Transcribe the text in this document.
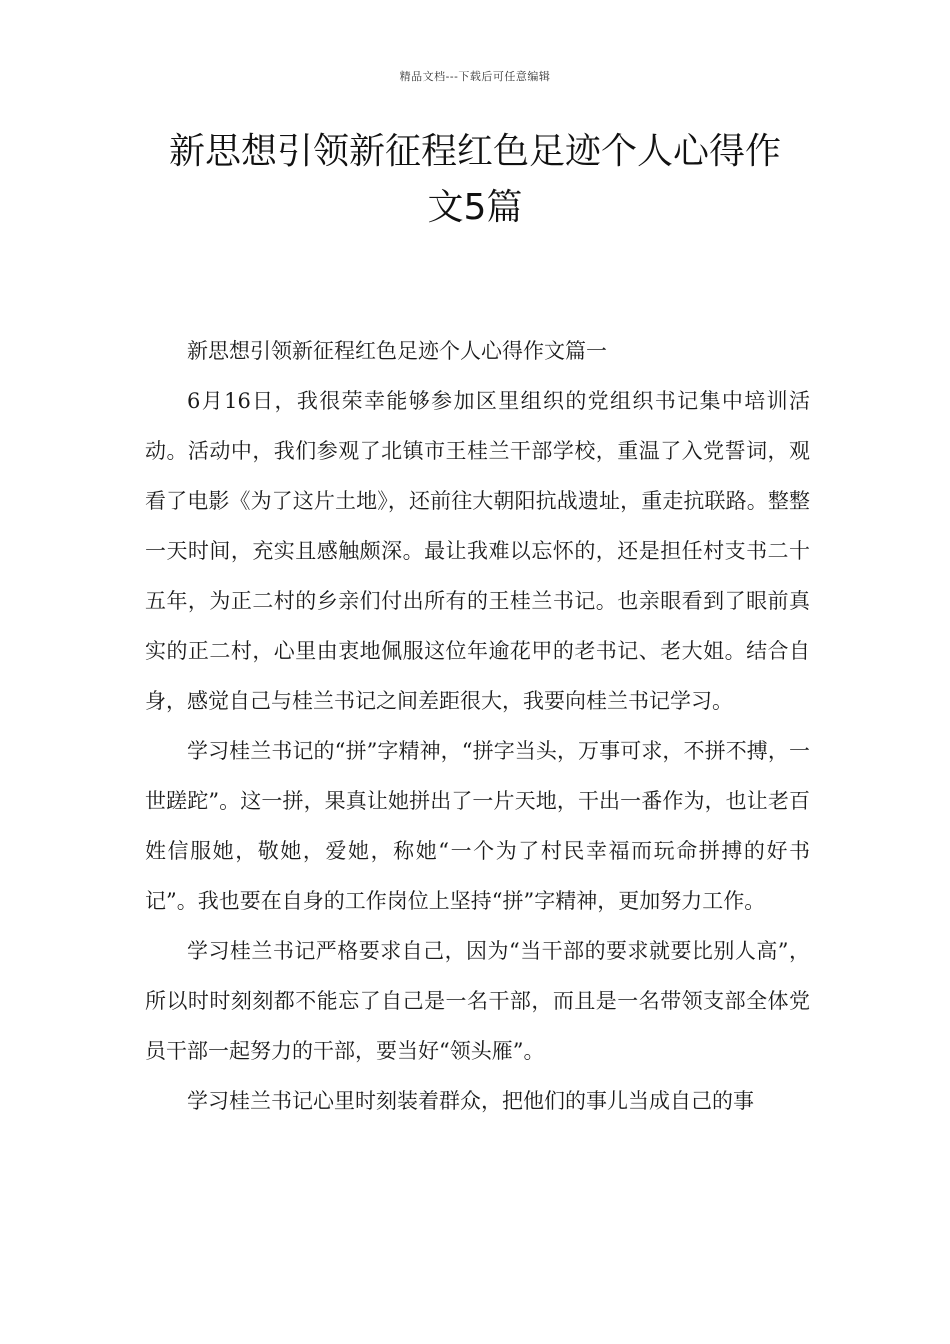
精品文档---下载后可任意编辑
新思想引领新征程红色足迹个人心得作
文5篇

新思想引领新征程红色足迹个人心得作文篇一

6月16日，我很荣幸能够参加区里组织的党组织书记集中培训活动。活动中，我们参观了北镇市王桂兰干部学校，重温了入党誓词，观看了电影《为了这片土地》，还前往大朝阳抗战遗址，重走抗联路。整整一天时间，充实且感触颇深。最让我难以忘怀的，还是担任村支书二十五年，为正二村的乡亲们付出所有的王桂兰书记。也亲眼看到了眼前真实的正二村，心里由衷地佩服这位年逾花甲的老书记、老大姐。结合自身，感觉自己与桂兰书记之间差距很大，我要向桂兰书记学习。

学习桂兰书记的“拼”字精神，“拼字当头，万事可求，不拼不搏，一世蹉跎”。这一拼，果真让她拼出了一片天地，干出一番作为，也让老百姓信服她，敬她，爱她，称她“一个为了村民幸福而玩命拼搏的好书记”。我也要在自身的工作岗位上坚持“拼”字精神，更加努力工作。

学习桂兰书记严格要求自己，因为“当干部的要求就要比别人高”，所以时时刻刻都不能忘了自己是一名干部，而且是一名带领支部全体党员干部一起努力的干部，要当好“领头雁”。

学习桂兰书记心里时刻装着群众，把他们的事儿当成自己的事
